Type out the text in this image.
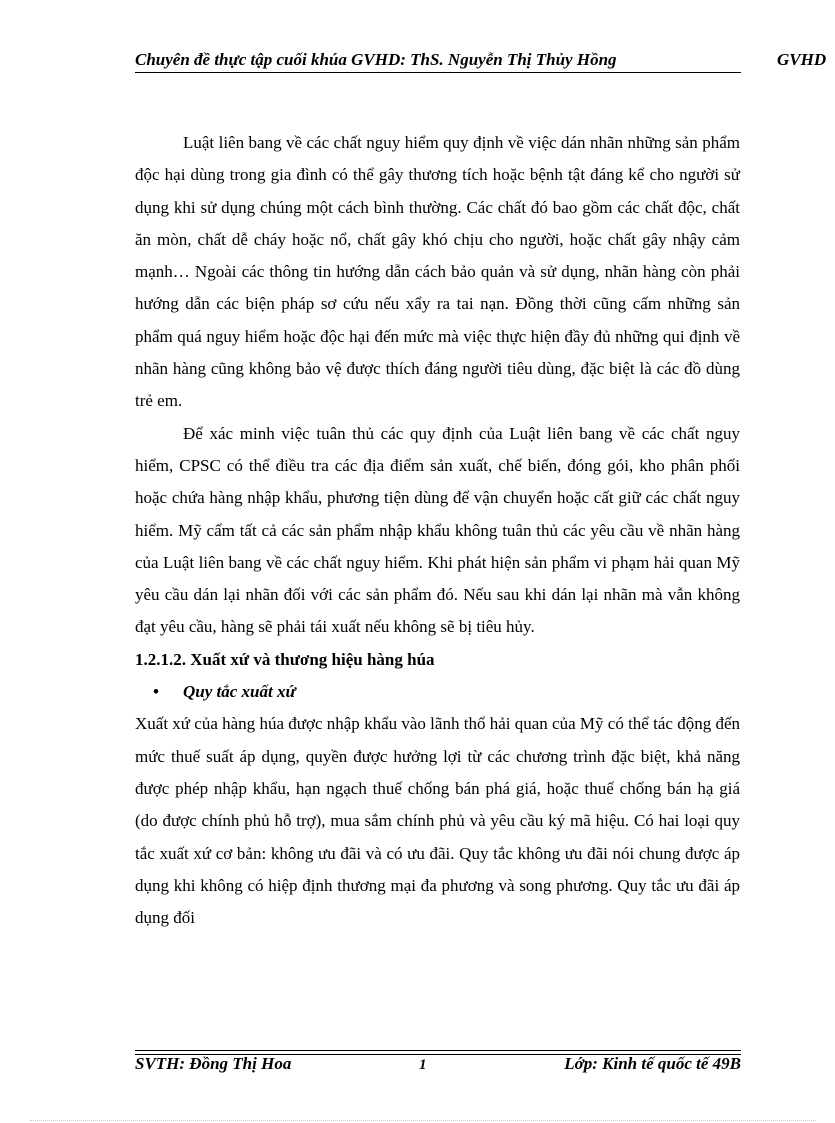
Chuyên đề thực tập cuối khúa GVHD: ThS. Nguyễn Thị Thủy Hồng	GVHD

Luật liên bang về các chất nguy hiểm quy định về việc dán nhãn những sản phẩm độc hại dùng trong gia đình có thể gây thương tích hoặc bệnh tật đáng kể cho người sử dụng khi sử dụng chúng một cách bình thường. Các chất đó bao gồm các chất độc, chất ăn mòn, chất dễ cháy hoặc nổ, chất gây khó chịu cho người, hoặc chất gây nhậy cảm mạnh… Ngoài các thông tin hướng dẫn cách bảo quản và sử dụng, nhãn hàng còn phải hướng dẫn các biện pháp sơ cứu nếu xẩy ra tai nạn. Đồng thời cũng cấm những sản phẩm quá nguy hiểm hoặc độc hại đến mức mà việc thực hiện đầy đủ những qui định về nhãn hàng cũng không bảo vệ được thích đáng người tiêu dùng, đặc biệt là các đồ dùng trẻ em.

Để xác minh việc tuân thủ các quy định của Luật liên bang về các chất nguy hiểm, CPSC có thể điều tra các địa điểm sản xuất, chế biến, đóng gói, kho phân phối hoặc chứa hàng nhập khẩu, phương tiện dùng để vận chuyển hoặc cất giữ các chất nguy hiểm. Mỹ cấm tất cả các sản phẩm nhập khẩu không tuân thủ các yêu cầu về nhãn hàng của Luật liên bang về các chất nguy hiểm. Khi phát hiện sản phẩm vi phạm hải quan Mỹ yêu cầu dán lại nhãn đối với các sản phẩm đó. Nếu sau khi dán lại nhãn mà vẫn không đạt yêu cầu, hàng sẽ phải tái xuất nếu không sẽ bị tiêu hủy.

1.2.1.2. Xuất xứ và thương hiệu hàng húa

• Quy tắc xuất xứ

Xuất xứ của hàng húa được nhập khẩu vào lãnh thổ hải quan của Mỹ có thể tác động đến mức thuế suất áp dụng, quyền được hưởng lợi từ các chương trình đặc biệt, khả năng được phép nhập khẩu, hạn ngạch thuế chống bán phá giá, hoặc thuế chống bán hạ giá (do được chính phủ hỗ trợ), mua sắm chính phủ và yêu cầu ký mã hiệu. Có hai loại quy tắc xuất xứ cơ bản: không ưu đãi và có ưu đãi. Quy tắc không ưu đãi nói chung được áp dụng khi không có hiệp định thương mại đa phương và song phương. Quy tắc ưu đãi áp dụng đối

SVTH: Đồng Thị Hoa	1	Lớp: Kinh tế quốc tế 49B
